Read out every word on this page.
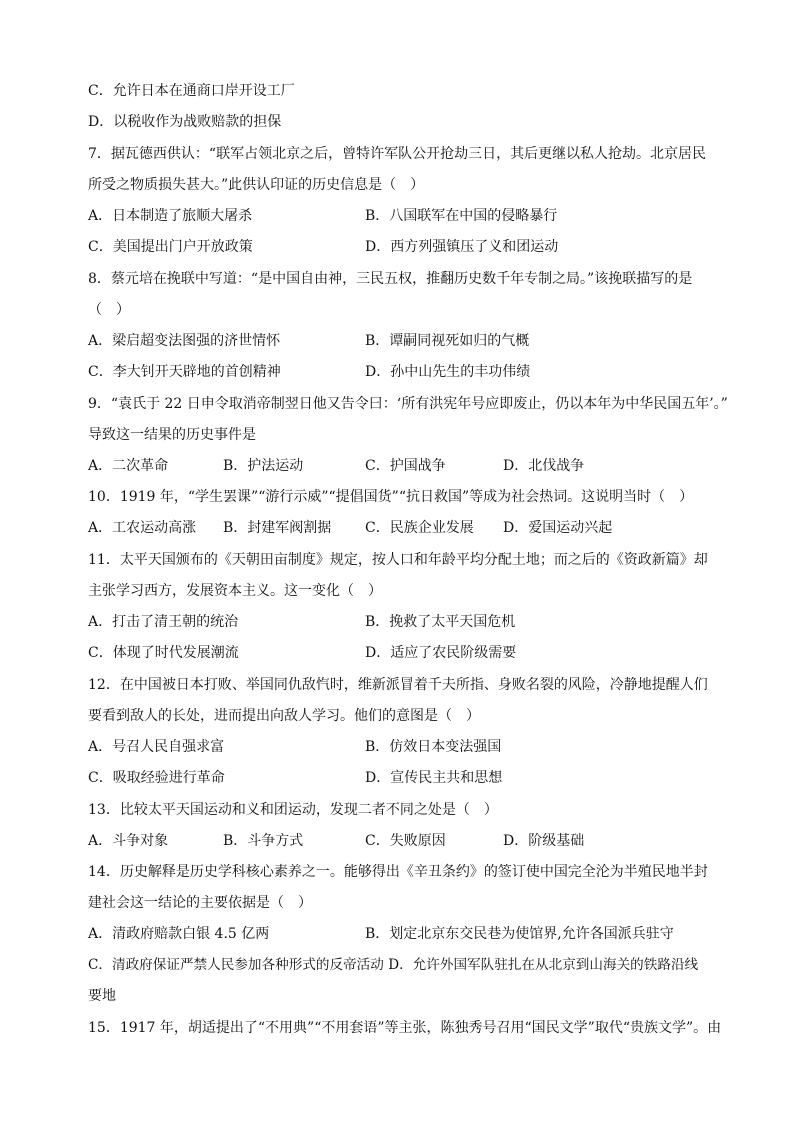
C．允许日本在通商口岸开设工厂
D．以税收作为战败赔款的担保
7．据瓦德西供认：“联军占领北京之后，曾特许军队公开抢劫三日，其后更继以私人抢劫。北京居民
所受之物质损失甚大。”此供认印证的历史信息是（　）
A．日本制造了旅顺大屠杀	B．八国联军在中国的侵略暴行
C．美国提出门户开放政策	D．西方列强镇压了义和团运动
8．蔡元培在挽联中写道：“是中国自由神，三民五权，推翻历史数千年专制之局。”该挽联描写的是
（　）
A．梁启超变法图强的济世情怀	B．谭嗣同视死如归的气概
C．李大钊开天辟地的首创精神	D．孙中山先生的丰功伟绩
9．“袁氏于 22 日申令取消帝制翌日他又告令曰：‘所有洪宪年号应即废止，仍以本年为中华民国五年’。”
导致这一结果的历史事件是
A．二次革命	B．护法运动	C．护国战争	D．北伐战争
10．1919 年，“学生罢课”“游行示威”“提倡国货”“抗日救国”等成为社会热词。这说明当时（　）
A．工农运动高涨 B．封建军阀割据 C．民族企业发展 D．爱国运动兴起
11．太平天国颁布的《天朝田亩制度》规定，按人口和年龄平均分配土地；而之后的《资政新篇》却
主张学习西方，发展资本主义。这一变化（　）
A．打击了清王朝的统治	B．挽救了太平天国危机
C．体现了时代发展潮流	D．适应了农民阶级需要
12．在中国被日本打败、举国同仇敌忾时，维新派冒着千夫所指、身败名裂的风险，冷静地提醒人们
要看到敌人的长处，进而提出向敌人学习。他们的意图是（　）
A．号召人民自强求富	B．仿效日本变法强国
C．吸取经验进行革命	D．宣传民主共和思想
13．比较太平天国运动和义和团运动，发现二者不同之处是（　）
A．斗争对象	B．斗争方式	C．失败原因	D．阶级基础
14．历史解释是历史学科核心素养之一。能够得出《辛丑条约》的签订使中国完全沦为半殖民地半封
建社会这一结论的主要依据是（　）
A．清政府赔款白银 4.5 亿两	B．划定北京东交民巷为使馆界,允许各国派兵驻守
C．清政府保证严禁人民参加各种形式的反帝活动 D．允许外国军队驻扎在从北京到山海关的铁路沿线
要地
15．1917 年，胡适提出了“不用典”“不用套语”等主张，陈独秀号召用“国民文学”取代“贵族文学”。由
